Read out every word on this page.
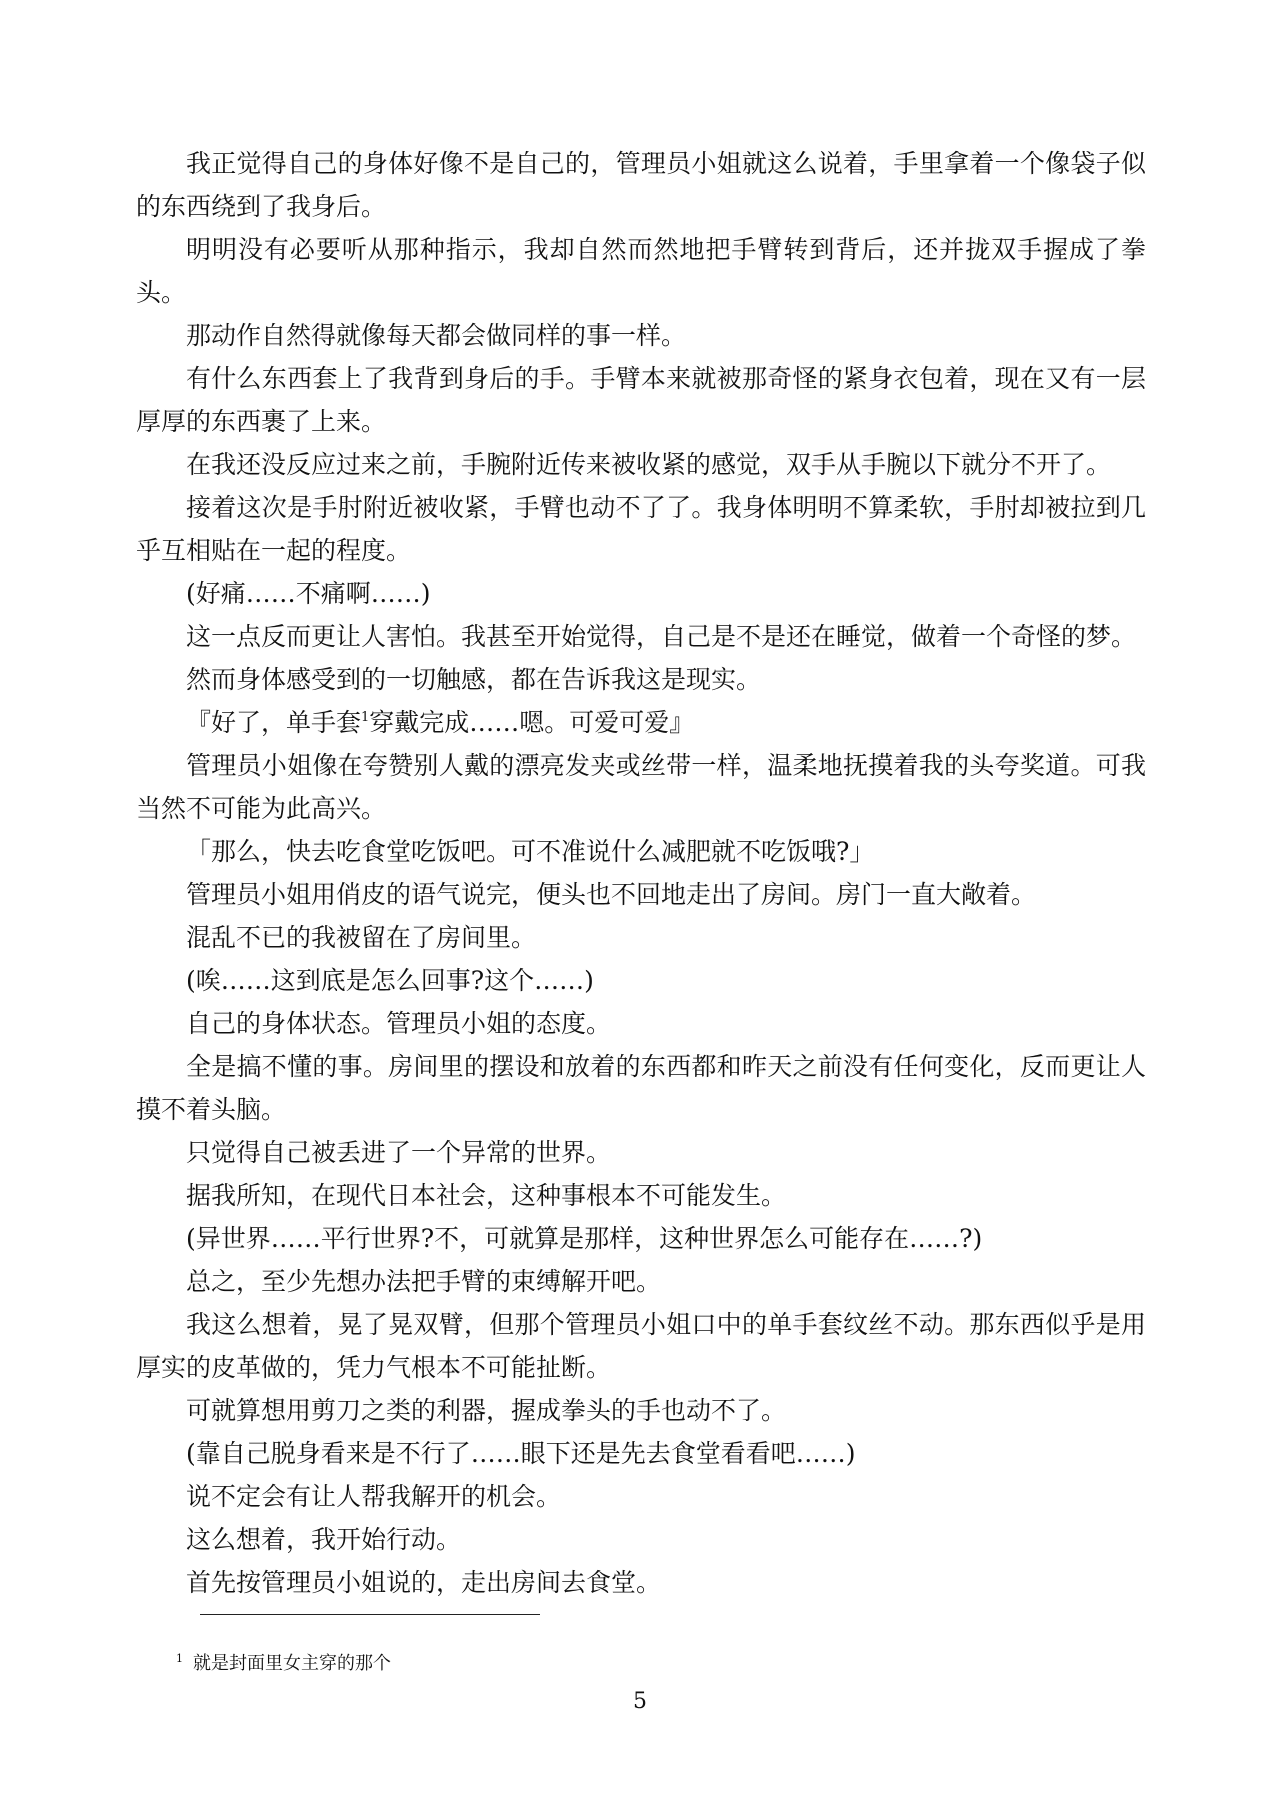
我正觉得自己的身体好像不是自己的，管理员小姐就这么说着，手里拿着一个像袋子似的东西绕到了我身后。

明明没有必要听从那种指示，我却自然而然地把手臂转到背后，还并拢双手握成了拳头。

那动作自然得就像每天都会做同样的事一样。

有什么东西套上了我背到身后的手。手臂本来就被那奇怪的紧身衣包着，现在又有一层厚厚的东西裹了上来。

在我还没反应过来之前，手腕附近传来被收紧的感觉，双手从手腕以下就分不开了。

接着这次是手肘附近被收紧，手臂也动不了了。我身体明明不算柔软，手肘却被拉到几乎互相贴在一起的程度。

(好痛……不痛啊……)

这一点反而更让人害怕。我甚至开始觉得，自己是不是还在睡觉，做着一个奇怪的梦。

然而身体感受到的一切触感，都在告诉我这是现实。

『好了，单手套$^1$穿戴完成……嗯。可爱可爱』

管理员小姐像在夸赞别人戴的漂亮发夹或丝带一样，温柔地抚摸着我的头夸奖道。可我当然不可能为此高兴。

「那么，快去吃食堂吃饭吧。可不准说什么减肥就不吃饭哦?」

管理员小姐用俏皮的语气说完，便头也不回地走出了房间。房门一直大敞着。

混乱不已的我被留在了房间里。

(唉……这到底是怎么回事?这个……)

自己的身体状态。管理员小姐的态度。

全是搞不懂的事。房间里的摆设和放着的东西都和昨天之前没有任何变化，反而更让人摸不着头脑。

只觉得自己被丢进了一个异常的世界。

据我所知，在现代日本社会，这种事根本不可能发生。

(异世界……平行世界?不，可就算是那样，这种世界怎么可能存在……?)

总之，至少先想办法把手臂的束缚解开吧。

我这么想着，晃了晃双臂，但那个管理员小姐口中的单手套纹丝不动。那东西似乎是用厚实的皮革做的，凭力气根本不可能扯断。

可就算想用剪刀之类的利器，握成拳头的手也动不了。

(靠自己脱身看来是不行了……眼下还是先去食堂看看吧……)

说不定会有让人帮我解开的机会。

这么想着，我开始行动。

首先按管理员小姐说的，走出房间去食堂。

$^1$ 就是封面里女主穿的那个
5
